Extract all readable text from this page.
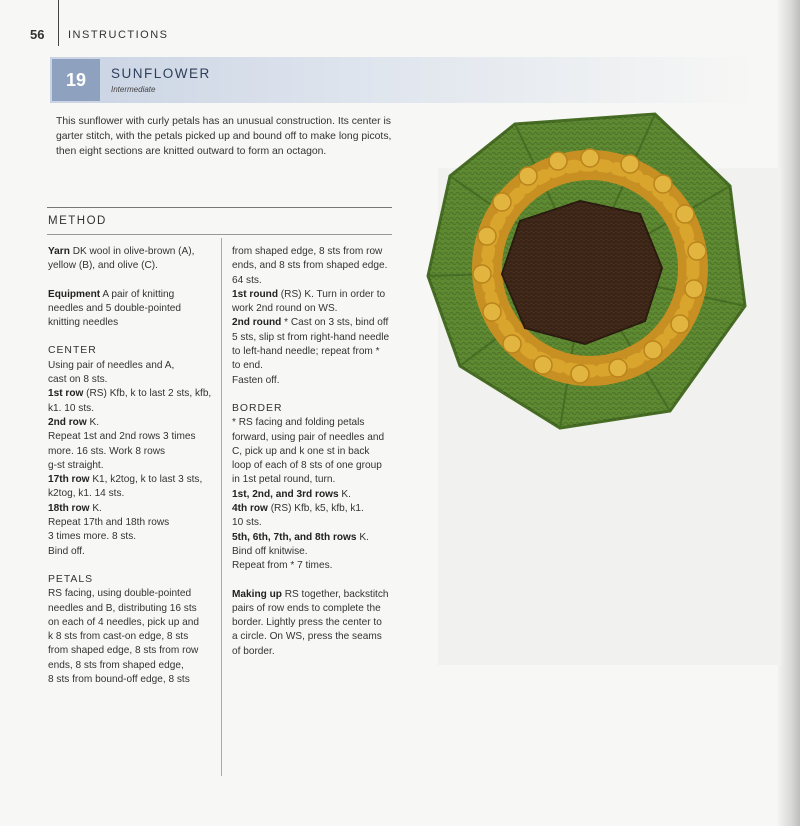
56 INSTRUCTIONS
19	SUNFLOWER
Intermediate
This sunflower with curly petals has an unusual construction. Its center is
garter stitch, with the petals picked up and bound off to make long picots,
then eight sections are knitted outward to form an octagon.
METHOD

Yarn DK wool in olive-brown (A),

yellow (B), and olive (C).

Equipment A pair of knitting

needles and 5 double-pointed

knitting needles

CENTER

Using pair of needles and A,

cast on 8 sts.

1st row (RS) Kfb, k to last 2 sts, kfb,

k1. 10 sts.

2nd row K.

Repeat 1st and 2nd rows 3 times

more. 16 sts. Work 8 rows

g-st straight.

17th row K1, k2tog, k to last 3 sts,

k2tog, k1. 14 sts.

18th row K.

Repeat 17th and 18th rows

3 times more. 8 sts.

Bind off.

PETALS

RS facing, using double-pointed

needles and B, distributing 16 sts

on each of 4 needles, pick up and

k 8 sts from cast-on edge, 8 sts

from shaped edge, 8 sts from row

ends, 8 sts from shaped edge,

8 sts from bound-off edge, 8 sts

from shaped edge, 8 sts from row

ends, and 8 sts from shaped edge.

64 sts.

1st round (RS) K. Turn in order to

work 2nd round on WS.

2nd round * Cast on 3 sts, bind off

5 sts, slip st from right-hand needle

to left-hand needle; repeat from *

to end.

Fasten off.

BORDER

* RS facing and folding petals

forward, using pair of needles and

C, pick up and k one st in back

loop of each of 8 sts of one group

in 1st petal round, turn.

1st, 2nd, and 3rd rows K.

4th row (RS) Kfb, k5, kfb, k1.

10 sts.

5th, 6th, 7th, and 8th rows K.

Bind off knitwise.

Repeat from * 7 times.

Making up RS together, backstitch

pairs of row ends to complete the

border. Lightly press the center to

a circle. On WS, press the seams

of border.
